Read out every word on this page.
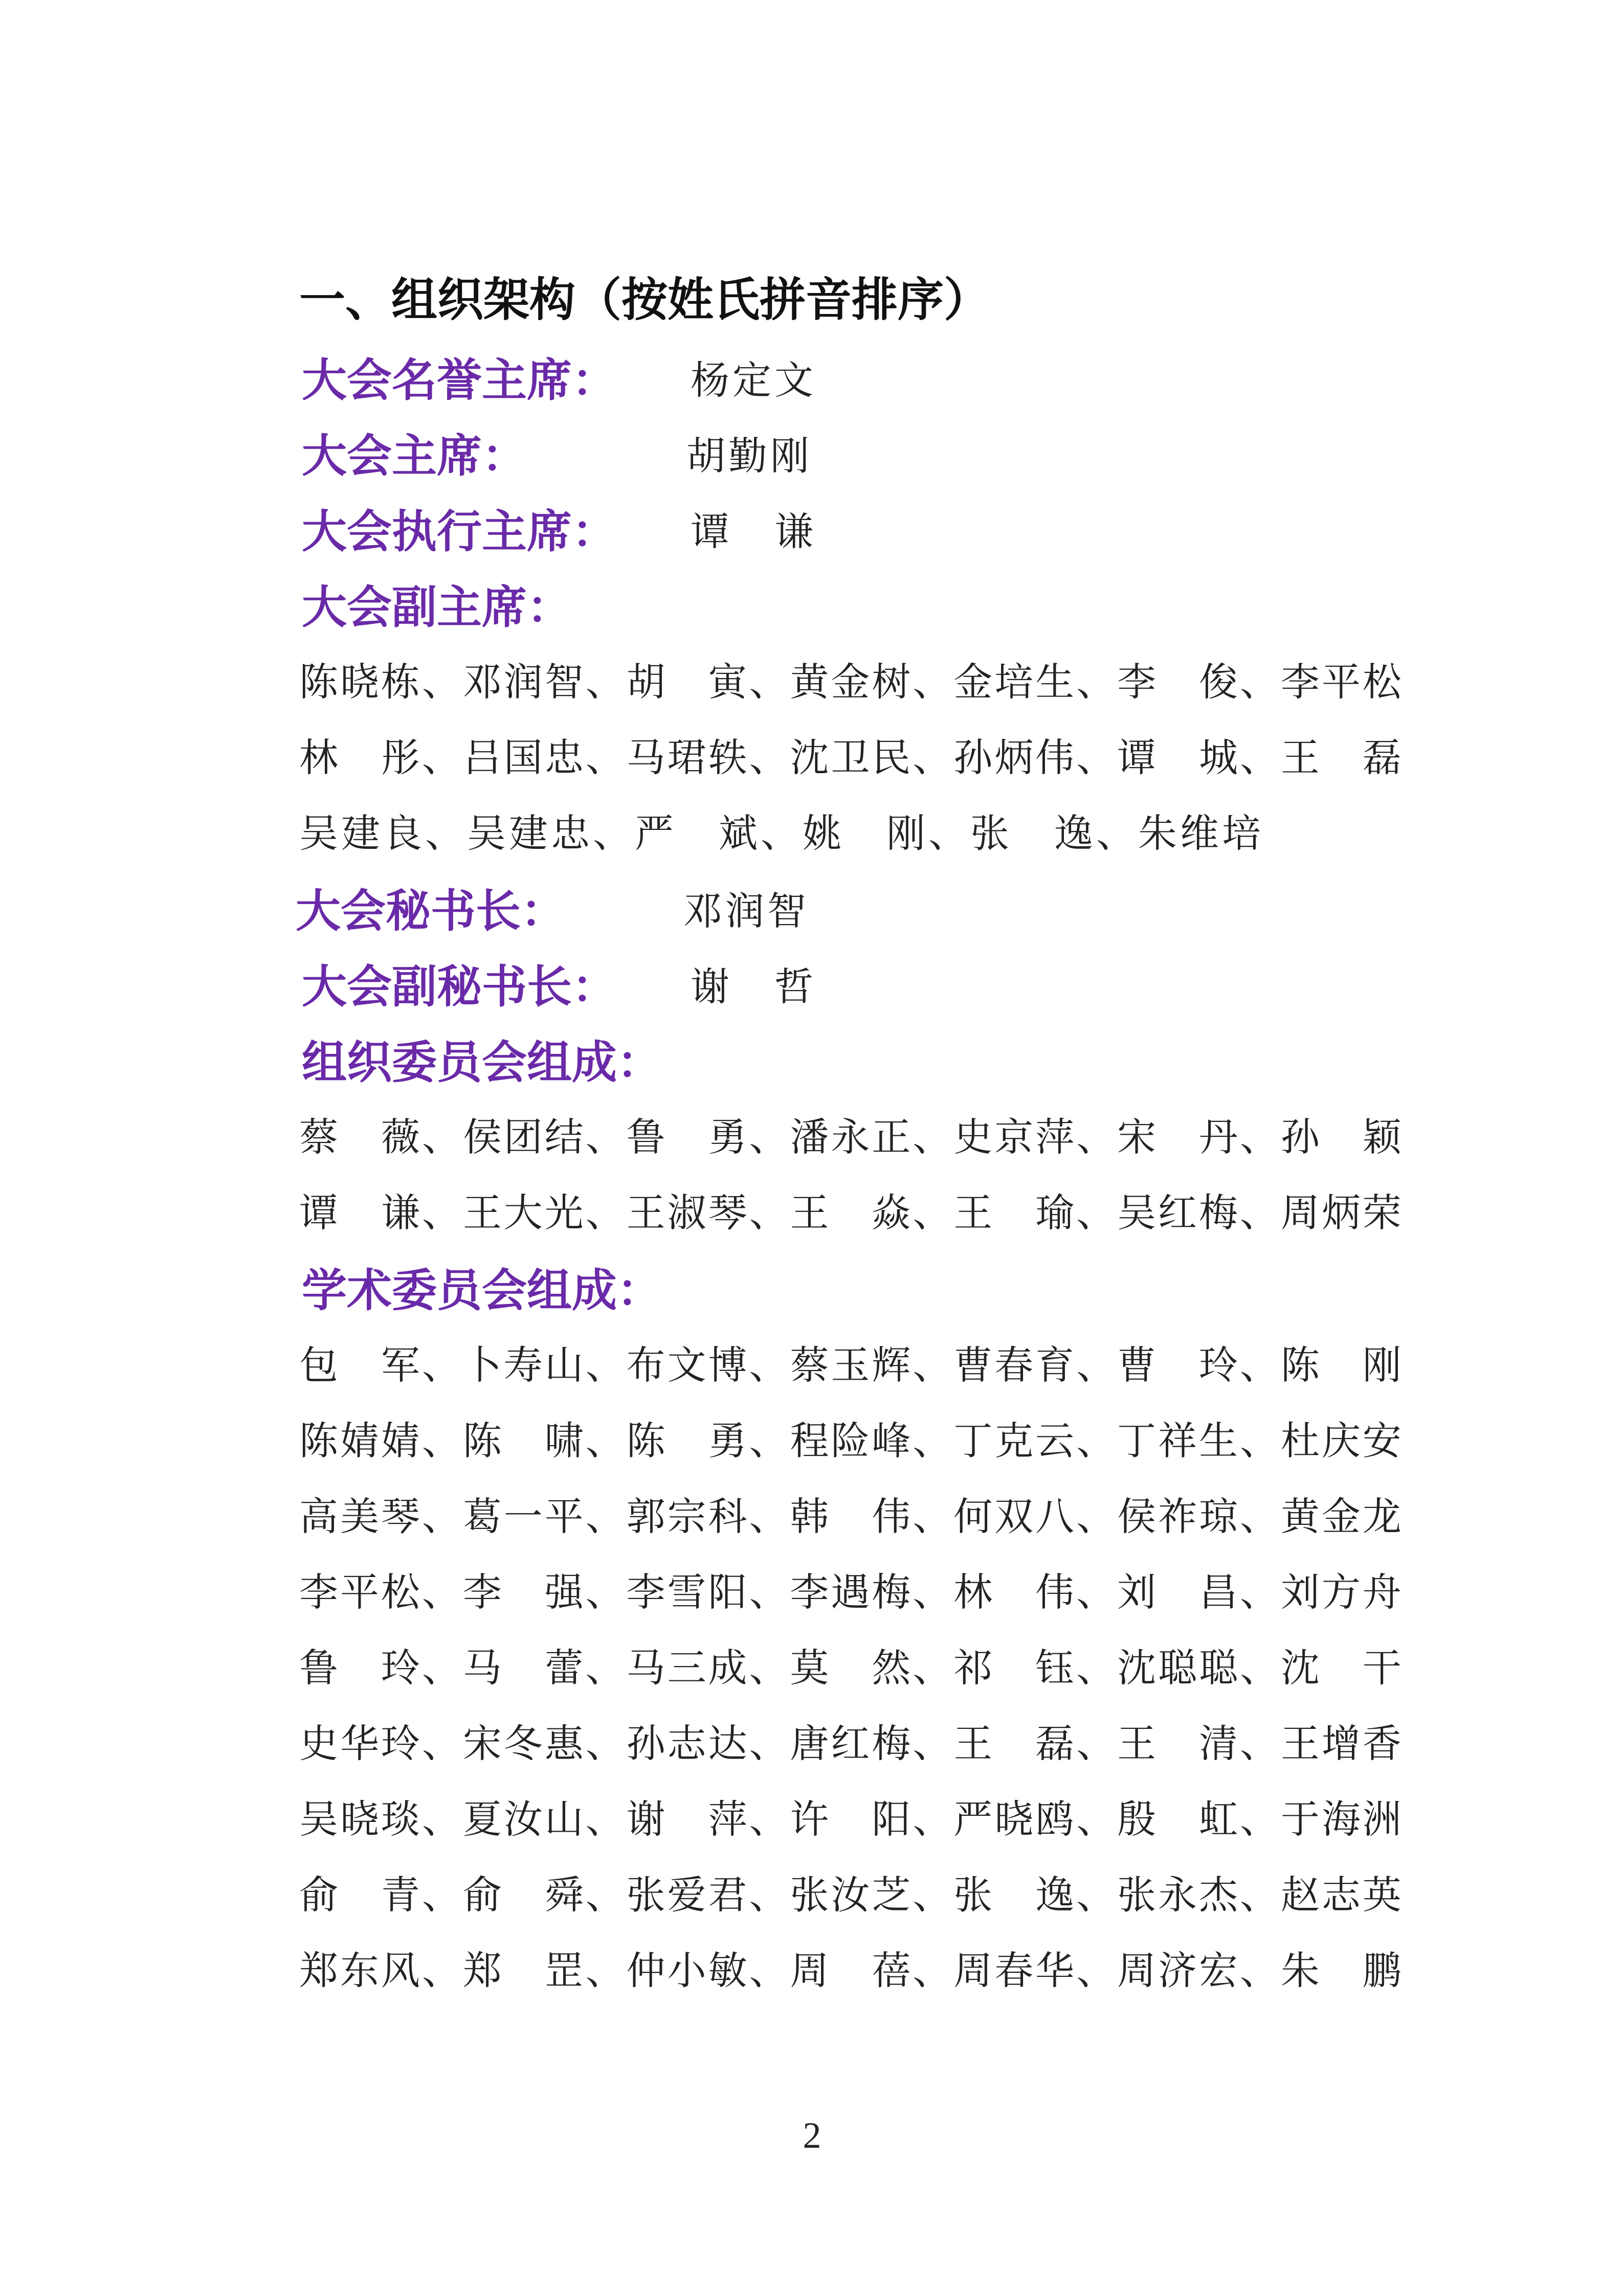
一、组织架构（按姓氏拼音排序）
大会名誉主席： 杨定文
大会主席：	胡勤刚
大会执行主席： 谭　谦
大会副主席：
陈 晓 栋 、 邓 润 智 、 胡
　 寅 、 黄 金 树 、 金 培 生 、 李
　 俊 、 李 平 松
林
　 彤 、 吕 国 忠 、 马 珺 轶 、 沈 卫 民 、 孙 炳 伟 、 谭
　 城 、 王
　 磊
吴建良、吴建忠、严　斌、姚　刚、张　逸、朱维培
大会秘书长：	邓润智
大会副秘书长： 谢　哲
组织委员会组成：
蔡
　 薇 、 侯 团 结 、 鲁
　 勇 、 潘 永 正 、 史 京 萍 、 宋
　 丹 、 孙
　 颖
谭
　 谦 、 王 大 光 、 王 淑 琴 、 王
　 焱 、 王
　 瑜 、 吴 红 梅 、 周 炳 荣
学术委员会组成：
包
　 军 、 卜 寿 山 、 布 文 博 、 蔡 玉 辉 、 曹 春 育 、 曹
　 玲 、 陈
　 刚
陈 婧 婧 、 陈
　 啸 、 陈
　 勇 、 程 险 峰 、 丁 克 云 、 丁 祥 生 、 杜 庆 安
高 美 琴 、 葛 一 平 、 郭 宗 科 、 韩
　 伟 、 何 双 八 、 侯 祚 琼 、 黄 金 龙
李 平 松 、 李
　 强 、 李 雪 阳 、 李 遇 梅 、 林
　 伟 、 刘
　 昌 、 刘 方 舟
鲁
　 玲 、 马
　 蕾 、 马 三 成 、 莫
　 然 、 祁
　 钰 、 沈 聪 聪 、 沈
　 干
史 华 玲 、 宋 冬 惠 、 孙 志 达 、 唐 红 梅 、 王
　 磊 、 王
　 清 、 王 增 香
吴 晓 琰 、 夏 汝 山 、 谢
　 萍 、 许
　 阳 、 严 晓 鸥 、 殷
　 虹 、 于 海 洲
俞
　 青 、 俞
　 舜 、 张 爱 君 、 张 汝 芝 、 张
　 逸 、 张 永 杰 、 赵 志 英
郑 东 风 、 郑
　 罡 、 仲 小 敏 、 周
　 蓓 、 周 春 华 、 周 济 宏 、 朱
　 鹏
2
